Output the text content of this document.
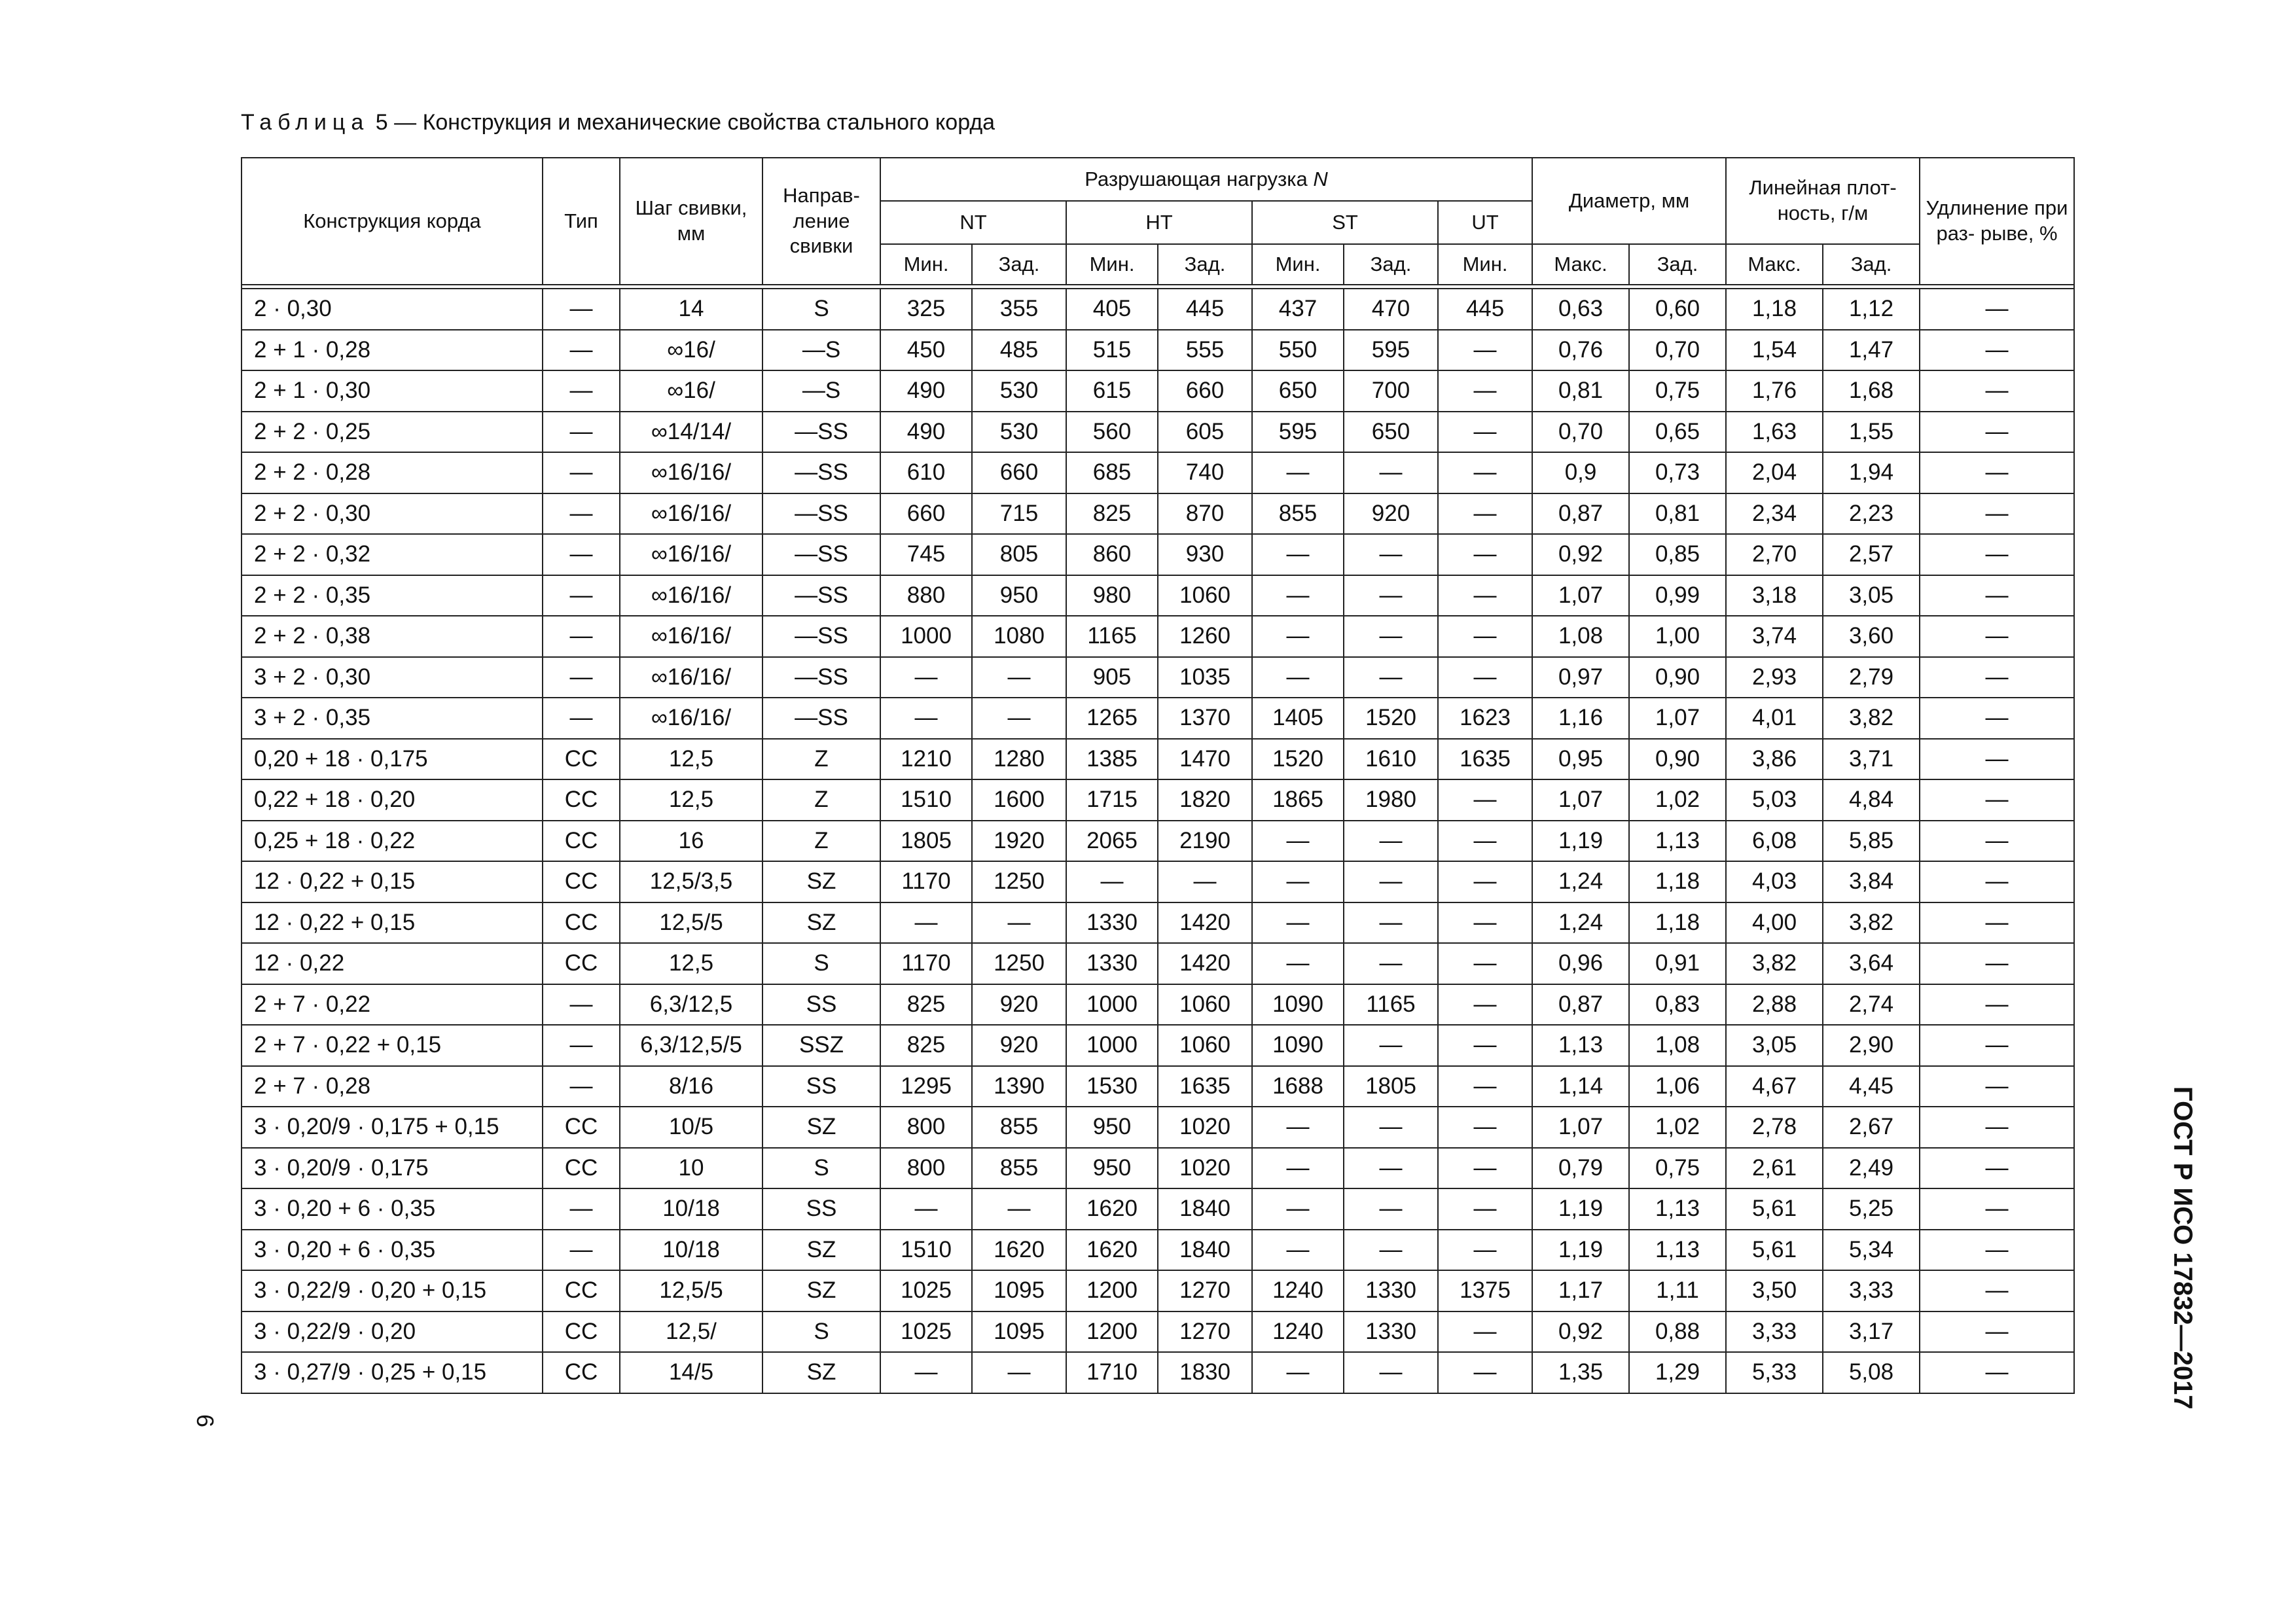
Таблица 5 — Конструкция и механические свойства стального корда
Конструкция корда	Тип	Шаг свивки, мм	Направ- ление свивки	Разрушающая нагрузка N							Диаметр, мм		Линейная плот- ность, г/м		Удлинение при раз- рыве, %
				NT		HT		ST		UT					
				Мин.	Зад.	Мин.	Зад.	Мин.	Зад.	Мин.	Макс.	Зад.	Макс.	Зад.	

2 · 0,30	—	14	S	325	355	405	445	437	470	445	0,63	0,60	1,18	1,12	—
2 + 1 · 0,28	—	∞16/	—S	450	485	515	555	550	595	—	0,76	0,70	1,54	1,47	—
2 + 1 · 0,30	—	∞16/	—S	490	530	615	660	650	700	—	0,81	0,75	1,76	1,68	—
2 + 2 · 0,25	—	∞14/14/	—SS	490	530	560	605	595	650	—	0,70	0,65	1,63	1,55	—
2 + 2 · 0,28	—	∞16/16/	—SS	610	660	685	740	—	—	—	0,9	0,73	2,04	1,94	—
2 + 2 · 0,30	—	∞16/16/	—SS	660	715	825	870	855	920	—	0,87	0,81	2,34	2,23	—
2 + 2 · 0,32	—	∞16/16/	—SS	745	805	860	930	—	—	—	0,92	0,85	2,70	2,57	—
2 + 2 · 0,35	—	∞16/16/	—SS	880	950	980	1060	—	—	—	1,07	0,99	3,18	3,05	—
2 + 2 · 0,38	—	∞16/16/	—SS	1000	1080	1165	1260	—	—	—	1,08	1,00	3,74	3,60	—
3 + 2 · 0,30	—	∞16/16/	—SS	—	—	905	1035	—	—	—	0,97	0,90	2,93	2,79	—
3 + 2 · 0,35	—	∞16/16/	—SS	—	—	1265	1370	1405	1520	1623	1,16	1,07	4,01	3,82	—
0,20 + 18 · 0,175	CC	12,5	Z	1210	1280	1385	1470	1520	1610	1635	0,95	0,90	3,86	3,71	—
0,22 + 18 · 0,20	CC	12,5	Z	1510	1600	1715	1820	1865	1980	—	1,07	1,02	5,03	4,84	—
0,25 + 18 · 0,22	CC	16	Z	1805	1920	2065	2190	—	—	—	1,19	1,13	6,08	5,85	—
12 · 0,22 + 0,15	CC	12,5/3,5	SZ	1170	1250	—	—	—	—	—	1,24	1,18	4,03	3,84	—
12 · 0,22 + 0,15	CC	12,5/5	SZ	—	—	1330	1420	—	—	—	1,24	1,18	4,00	3,82	—
12 · 0,22	CC	12,5	S	1170	1250	1330	1420	—	—	—	0,96	0,91	3,82	3,64	—
2 + 7 · 0,22	—	6,3/12,5	SS	825	920	1000	1060	1090	1165	—	0,87	0,83	2,88	2,74	—
2 + 7 · 0,22 + 0,15	—	6,3/12,5/5	SSZ	825	920	1000	1060	1090	—	—	1,13	1,08	3,05	2,90	—
2 + 7 · 0,28	—	8/16	SS	1295	1390	1530	1635	1688	1805	—	1,14	1,06	4,67	4,45	—
3 · 0,20/9 · 0,175 + 0,15	CC	10/5	SZ	800	855	950	1020	—	—	—	1,07	1,02	2,78	2,67	—
3 · 0,20/9 · 0,175	CC	10	S	800	855	950	1020	—	—	—	0,79	0,75	2,61	2,49	—
3 · 0,20 + 6 · 0,35	—	10/18	SS	—	—	1620	1840	—	—	—	1,19	1,13	5,61	5,25	—
3 · 0,20 + 6 · 0,35	—	10/18	SZ	1510	1620	1620	1840	—	—	—	1,19	1,13	5,61	5,34	—
3 · 0,22/9 · 0,20 + 0,15	CC	12,5/5	SZ	1025	1095	1200	1270	1240	1330	1375	1,17	1,11	3,50	3,33	—
3 · 0,22/9 · 0,20	CC	12,5/	S	1025	1095	1200	1270	1240	1330	—	0,92	0,88	3,33	3,17	—
3 · 0,27/9 · 0,25 + 0,15	CC	14/5	SZ	—	—	1710	1830	—	—	—	1,35	1,29	5,33	5,08	—	ГОСТ Р ИСО 17832—2017
6
